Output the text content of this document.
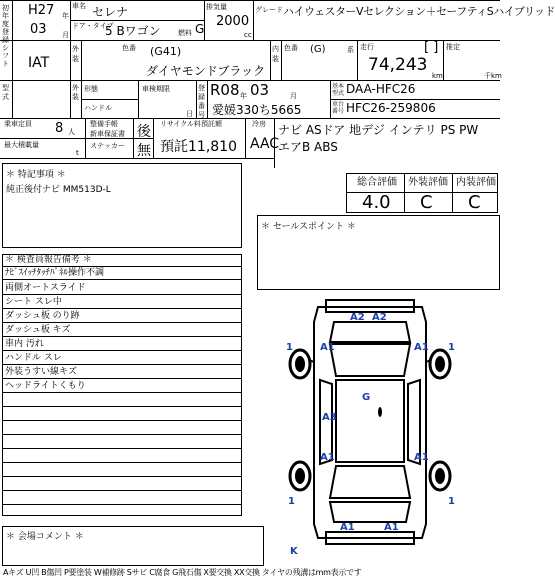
初年度登録
H27 年
03 月
車名 セレナ
ドア・タイプ
5 Bワゴン 燃料 G
排気量
2000
cc
グレード ハイウェスターVセレクション＋セーフティSハイブリッド
シフト IAT
外装
色番 (G41)
ダイヤモンドブラック
内装
色番 (G)	系 走行	[ ]
74,243
km
推定
千km
型式
外装
形態
ハンドル
車検期限
日
登録番号
R08 年 03	月
愛媛330ち5665
基本型式 DAA-HFC26
車台番号 HFC26-259806
乗車定員 8 人
最大積載量
t
整備手帳
新車保証書
ステッカー
後
無
リサイクル料預託額
預託11,810
冷房
AAC
ナビ ASドア 地デジ インテリ PS PW
エアB ABS
＊ 特記事項 ＊
純正後付ナビ MM513D-L
総合評価 外装評価 内装評価
4.0 C C
＊ セールスポイント ＊
＊ 検査員報告備考 ＊
ﾅﾋﾞｽｲｯﾁﾀｯﾁﾊﾟﾈﾙ操作不調
両側オートスライド
シート スレ中
ダッシュ板 のり跡
ダッシュ板 キズ
車内 汚れ
ハンドル スレ
外装うすい線キズ
ヘッドライトくもり
＊ 会場コメント ＊
A2 A2
1	A1	1
A1
G
A3
A1
1
A1
1
A1	A1
K
Aキズ U凹 B傷凹 P要塗装 W補修跡 Sサビ C腐食 G飛石傷 X要交換 XX交換 タイヤの残溝はmm表示です
